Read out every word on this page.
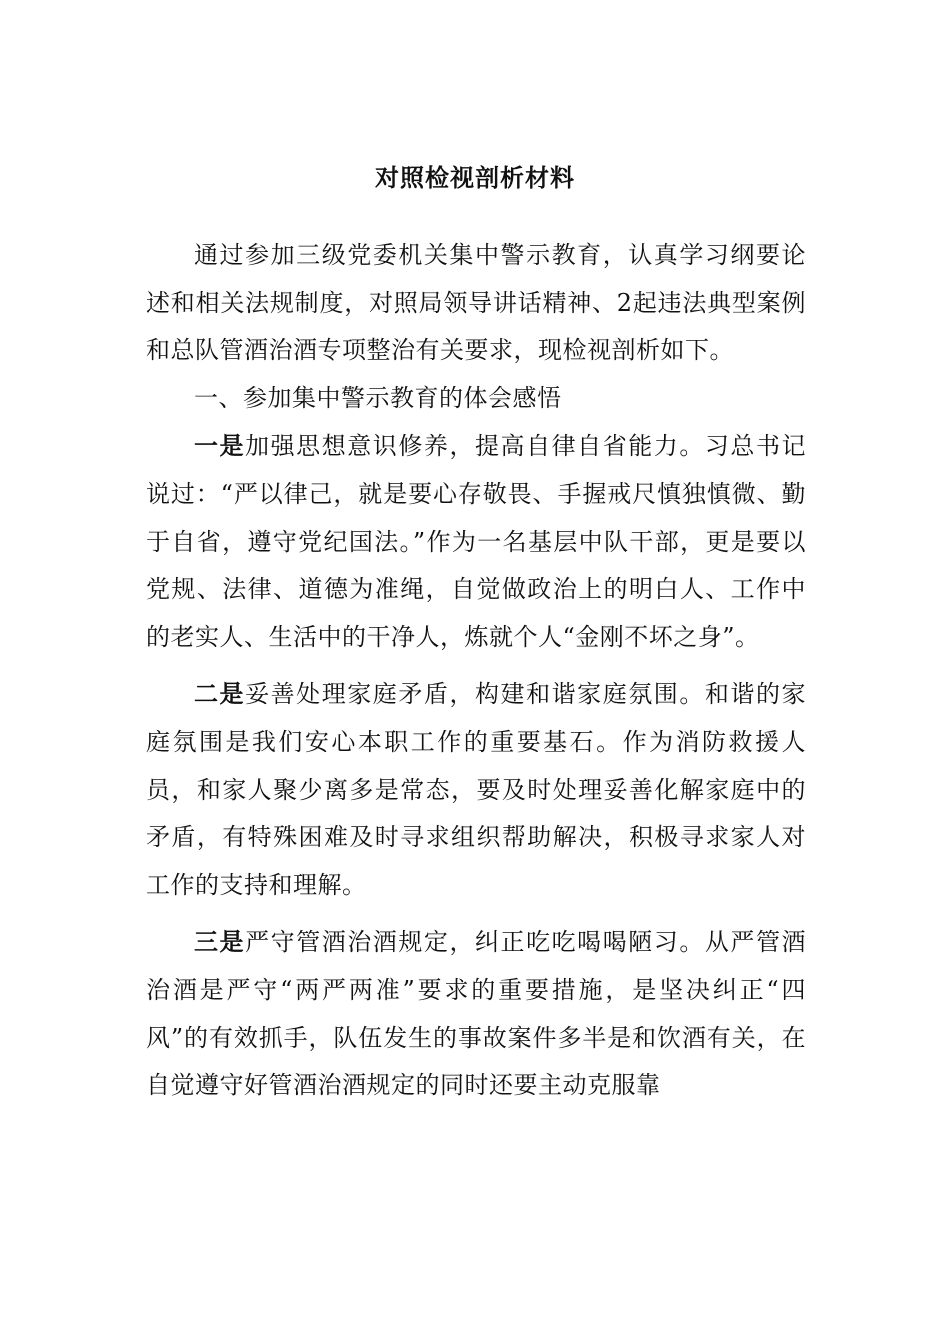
对照检视剖析材料

通过参加三级党委机关集中警示教育，认真学习纲要论述和相关法规制度，对照局领导讲话精神、2起违法典型案例和总队管酒治酒专项整治有关要求，现检视剖析如下。

一、参加集中警示教育的体会感悟

一是加强思想意识修养，提高自律自省能力。习总书记说过：“严以律己，就是要心存敬畏、手握戒尺慎独慎微、勤于自省，遵守党纪国法。”作为一名基层中队干部，更是要以党规、法律、道德为准绳，自觉做政治上的明白人、工作中的老实人、生活中的干净人，炼就个人“金刚不坏之身”。

二是妥善处理家庭矛盾，构建和谐家庭氛围。和谐的家庭氛围是我们安心本职工作的重要基石。作为消防救援人员，和家人聚少离多是常态，要及时处理妥善化解家庭中的矛盾，有特殊困难及时寻求组织帮助解决，积极寻求家人对工作的支持和理解。

三是严守管酒治酒规定，纠正吃吃喝喝陋习。从严管酒治酒是严守“两严两准”要求的重要措施，是坚决纠正“四风”的有效抓手，队伍发生的事故案件多半是和饮酒有关，在自觉遵守好管酒治酒规定的同时还要主动克服靠
